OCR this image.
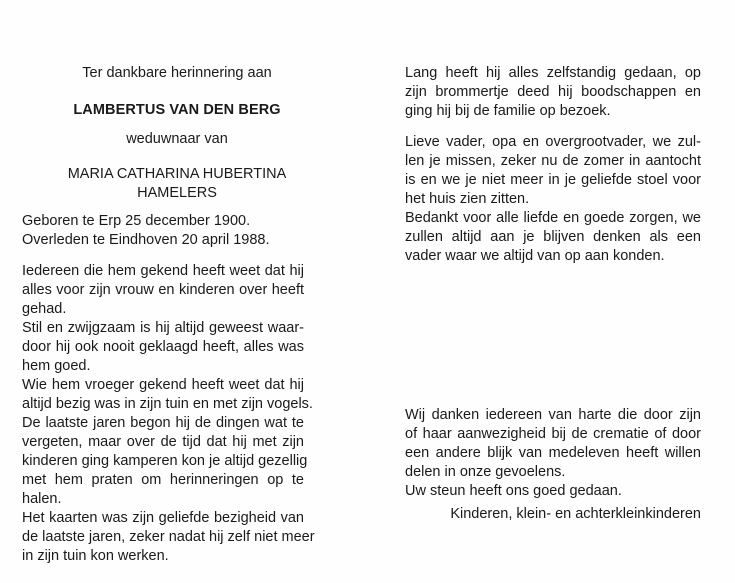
Ter dankbare herinnering aan

LAMBERTUS VAN DEN BERG

weduwnaar van

MARIA CATHARINA HUBERTINA
HAMELERS
Geboren te Erp 25 december 1900.
Overleden te Eindhoven 20 april 1988.
Iedereen die hem gekend heeft weet dat hij
alles voor zijn vrouw en kinderen over heeft
gehad.
Stil en zwijgzaam is hij altijd geweest waar-
door hij ook nooit geklaagd heeft, alles was
hem goed.
Wie hem vroeger gekend heeft weet dat hij
altijd bezig was in zijn tuin en met zijn vogels.
De laatste jaren begon hij de dingen wat te
vergeten, maar over de tijd dat hij met zijn
kinderen ging kamperen kon je altijd gezellig
met hem praten om herinneringen op te
halen.
Het kaarten was zijn geliefde bezigheid van
de laatste jaren, zeker nadat hij zelf niet meer
in zijn tuin kon werken.
Lang heeft hij alles zelfstandig gedaan, op
zijn brommertje deed hij boodschappen en
ging hij bij de familie op bezoek.
Lieve vader, opa en overgrootvader, we zul-
len je missen, zeker nu de zomer in aantocht
is en we je niet meer in je geliefde stoel voor
het huis zien zitten.
Bedankt voor alle liefde en goede zorgen, we
zullen altijd aan je blijven denken als een
vader waar we altijd van op aan konden.
Wij danken iedereen van harte die door zijn
of haar aanwezigheid bij de crematie of door
een andere blijk van medeleven heeft willen
delen in onze gevoelens.
Uw steun heeft ons goed gedaan.

Kinderen, klein- en achterkleinkinderen
